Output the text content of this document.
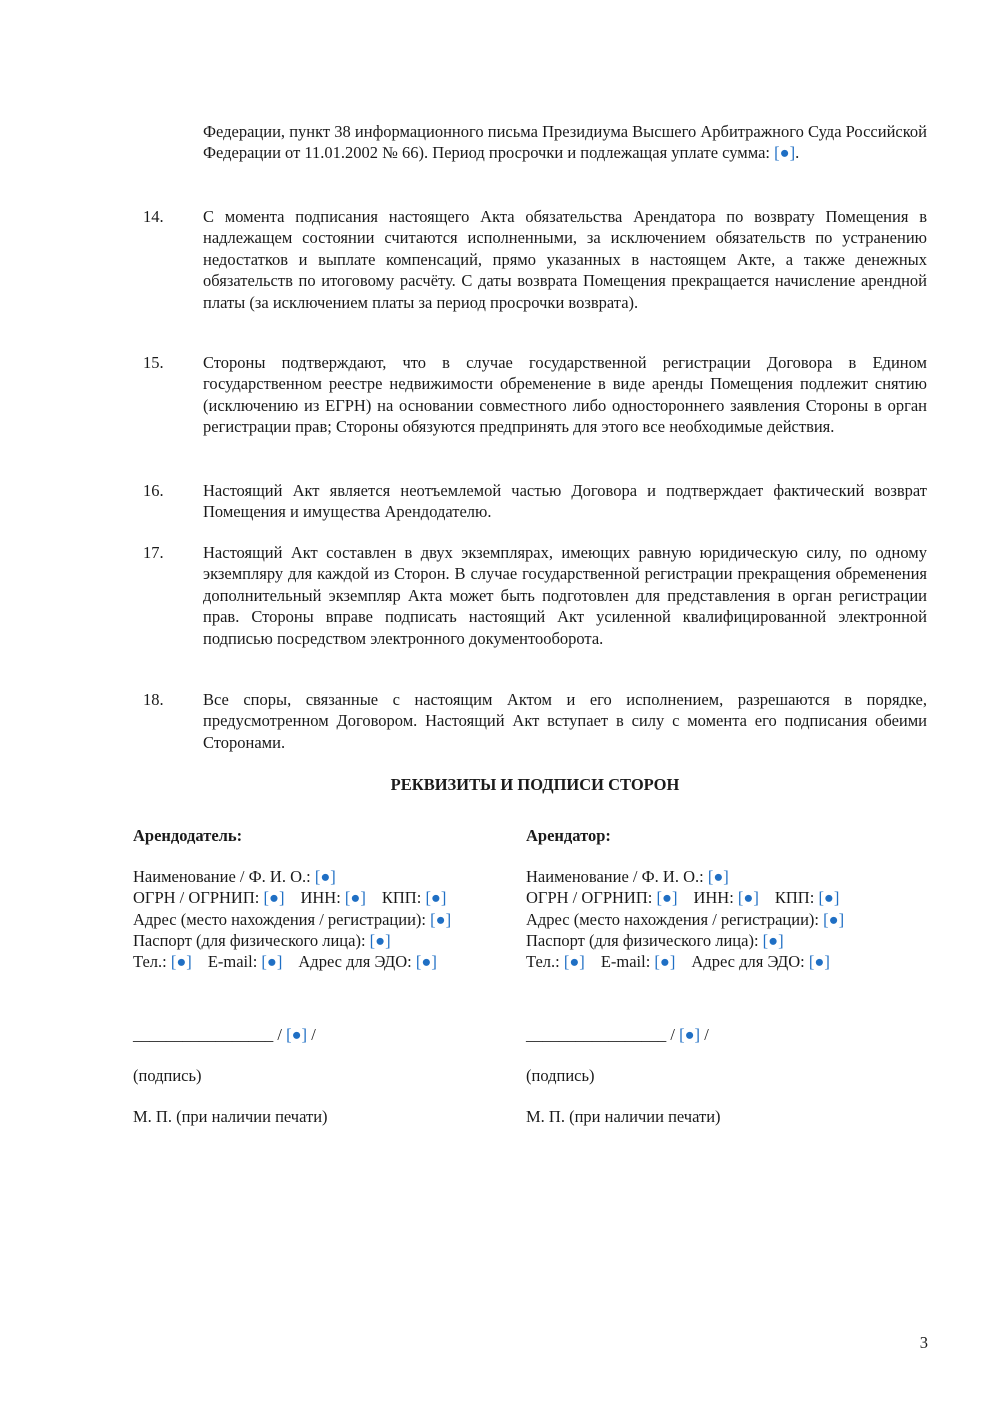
Федерации, пункт 38 информационного письма Президиума Высшего Арбитражного Суда Российской Федерации от 11.01.2002 № 66). Период просрочки и подлежащая уплате сумма: [●].
14. С момента подписания настоящего Акта обязательства Арендатора по возврату Помещения в надлежащем состоянии считаются исполненными, за исключением обязательств по устранению недостатков и выплате компенсаций, прямо указанных в настоящем Акте, а также денежных обязательств по итоговому расчёту. С даты возврата Помещения прекращается начисление арендной платы (за исключением платы за период просрочки возврата).
15. Стороны подтверждают, что в случае государственной регистрации Договора в Едином государственном реестре недвижимости обременение в виде аренды Помещения подлежит снятию (исключению из ЕГРН) на основании совместного либо одностороннего заявления Стороны в орган регистрации прав; Стороны обязуются предпринять для этого все необходимые действия.
16. Настоящий Акт является неотъемлемой частью Договора и подтверждает фактический возврат Помещения и имущества Арендодателю.
17. Настоящий Акт составлен в двух экземплярах, имеющих равную юридическую силу, по одному экземпляру для каждой из Сторон. В случае государственной регистрации прекращения обременения дополнительный экземпляр Акта может быть подготовлен для представления в орган регистрации прав. Стороны вправе подписать настоящий Акт усиленной квалифицированной электронной подписью посредством электронного документооборота.
18. Все споры, связанные с настоящим Актом и его исполнением, разрешаются в порядке, предусмотренном Договором. Настоящий Акт вступает в силу с момента его подписания обеими Сторонами.
РЕКВИЗИТЫ И ПОДПИСИ СТОРОН
Арендодатель:
Наименование / Ф. И. О.: [●]
ОГРН / ОГРНИП: [●] ИНН: [●] КПП: [●]
Адрес (место нахождения / регистрации): [●]
Паспорт (для физического лица): [●]
Тел.: [●] E-mail: [●] Адрес для ЭДО: [●]
Арендатор:
Наименование / Ф. И. О.: [●]
ОГРН / ОГРНИП: [●] ИНН: [●] КПП: [●]
Адрес (место нахождения / регистрации): [●]
Паспорт (для физического лица): [●]
Тел.: [●] E-mail: [●] Адрес для ЭДО: [●]
_________________ / [●] /
(подпись)
М. П. (при наличии печати)
_________________ / [●] /
(подпись)
М. П. (при наличии печати)
3
